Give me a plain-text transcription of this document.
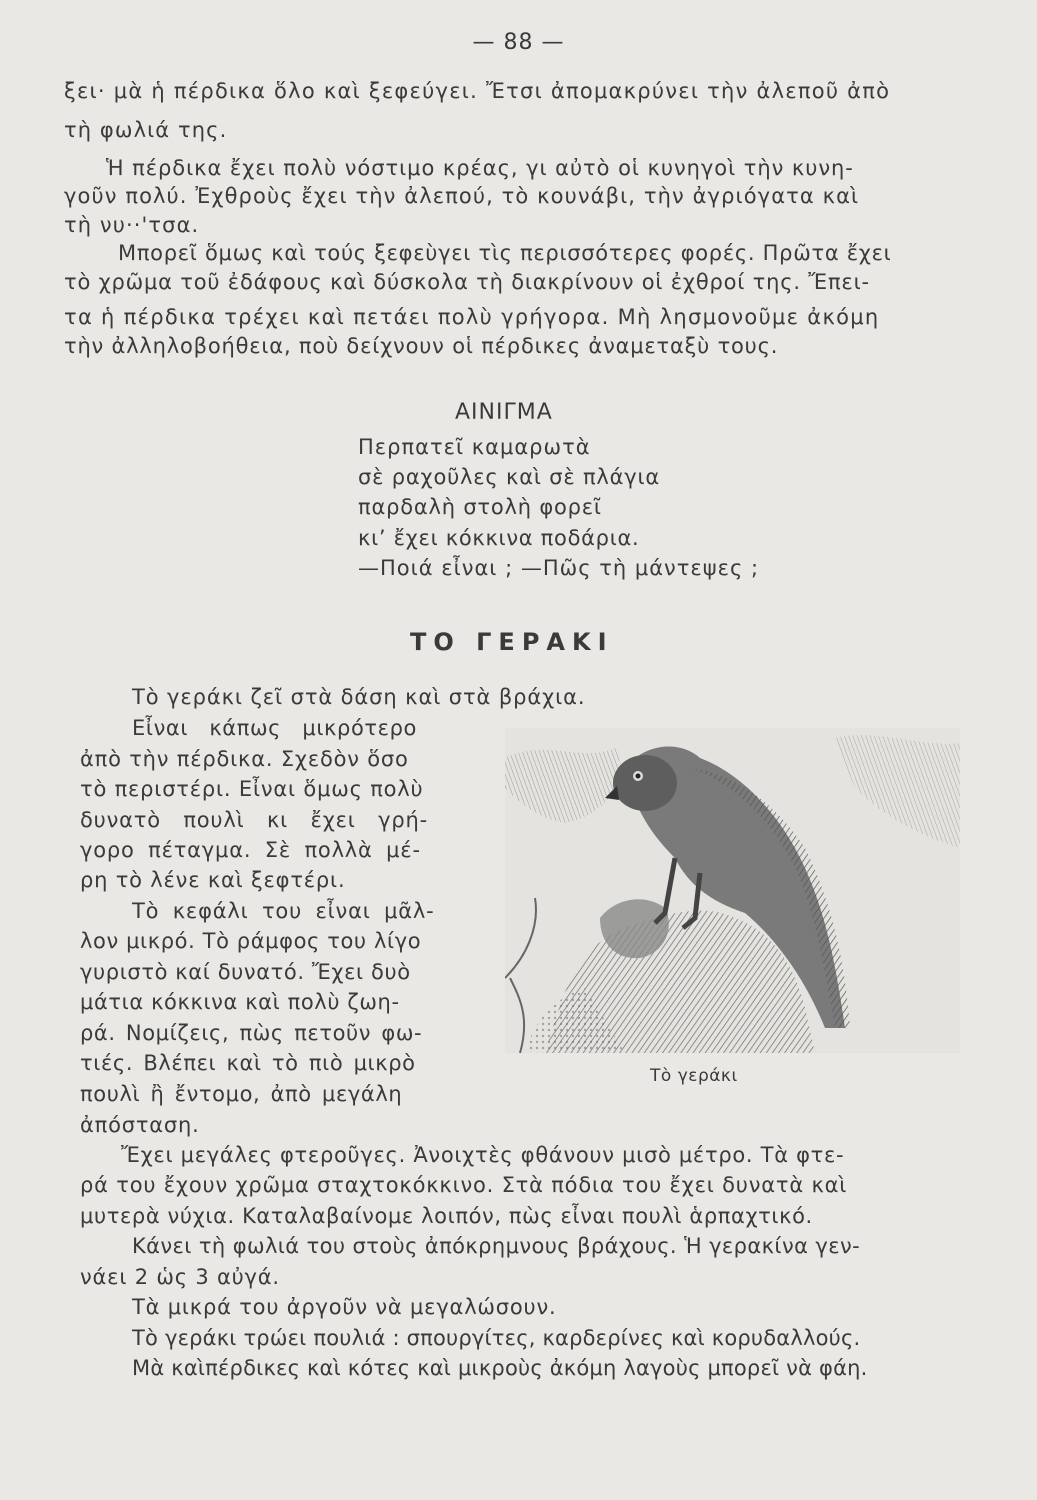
— 88 —
ξει· μὰ ἡ πέρδικα ὅλο καὶ ξεφεύγει. Ἔτσι ἀπομακρύνει τὴν ἀλεποῦ ἀπὸ
τὴ φωλιά της.
Ἡ πέρδικα ἔχει πολὺ νόστιμο κρέας, γι αὐτὸ οἱ κυνηγοὶ τὴν κυνη-
γοῦν πολύ. Ἐχθροὺς ἔχει τὴν ἀλεπού, τὸ κουνάβι, τὴν ἀγριόγατα καὶ
τὴ νυ··'τσα.
Μπορεῖ ὅμως καὶ τούς ξεφεὺγει τὶς περισσότερες φορές. Πρῶτα ἔχει
τὸ χρῶμα τοῦ ἐδάφους καὶ δύσκολα τὴ διακρίνουν οἱ ἐχθροί της. Ἔπει-
τα ἡ πέρδικα τρέχει καὶ πετάει πολὺ γρήγορα. Μὴ λησμονοῦμε ἀκόμη
τὴν ἀλληλοβοήθεια, ποὺ δείχνουν οἱ πέρδικες ἀναμεταξὺ τους.
ΑΙΝΙΓΜΑ
Περπατεῖ καμαρωτὰ
σὲ ραχοῦλες καὶ σὲ πλάγια
παρδαλὴ στολὴ φορεῖ
κι’ ἔχει κόκκινα ποδάρια.
—Ποιά εἶναι ; —Πῶς τὴ μάντεψες ;
ΤΟ ΓΕΡΑΚΙ
Τὸ γεράκι ζεῖ στὰ δάση καὶ στὰ βράχια.
Εἶναι κάπως μικρότερο
ἀπὸ τὴν πέρδικα. Σχεδὸν ὅσο
τὸ περιστέρι. Εἶναι ὅμως πολὺ
δυνατὸ πουλὶ κι ἔχει γρή-
γορο πέταγμα. Σὲ πολλὰ μέ-
ρη τὸ λένε καὶ ξεφτέρι.
Τὸ κεφάλι του εἶναι μᾶλ-
λον μικρό. Τὸ ράμφος του λίγο
γυριστὸ καί δυνατό. Ἔχει δυὸ
μάτια κόκκινα καὶ πολὺ ζωη-
ρά. Νομίζεις, πὼς πετοῦν φω-
τιές. Βλέπει καὶ τὸ πιὸ μικρὸ
πουλὶ ἢ ἔντομο, ἀπὸ μεγάλη
ἀπόσταση.
Ἔχει μεγάλες φτεροῦγες. Ἀνοιχτὲς φθάνουν μισὸ μέτρο. Τὰ φτε-
ρά του ἔχουν χρῶμα σταχτοκόκκινο. Στὰ πόδια του ἔχει δυνατὰ καὶ
μυτερὰ νύχια. Καταλαβαίνομε λοιπόν, πὼς εἶναι πουλὶ ἁρπαχτικό.
Κάνει τὴ φωλιά του στοὺς ἀπόκρημνους βράχους. Ἡ γερακίνα γεν-
νάει 2 ὡς 3 αὐγά.
Τὰ μικρά του ἀργοῦν νὰ μεγαλώσουν.
Τὸ γεράκι τρώει πουλιά : σπουργίτες, καρδερίνες καὶ κορυδαλλούς.
Μὰ καὶπέρδικες καὶ κότες καὶ μικροὺς ἀκόμη λαγοὺς μπορεῖ νὰ φάη.
Τὸ γεράκι
